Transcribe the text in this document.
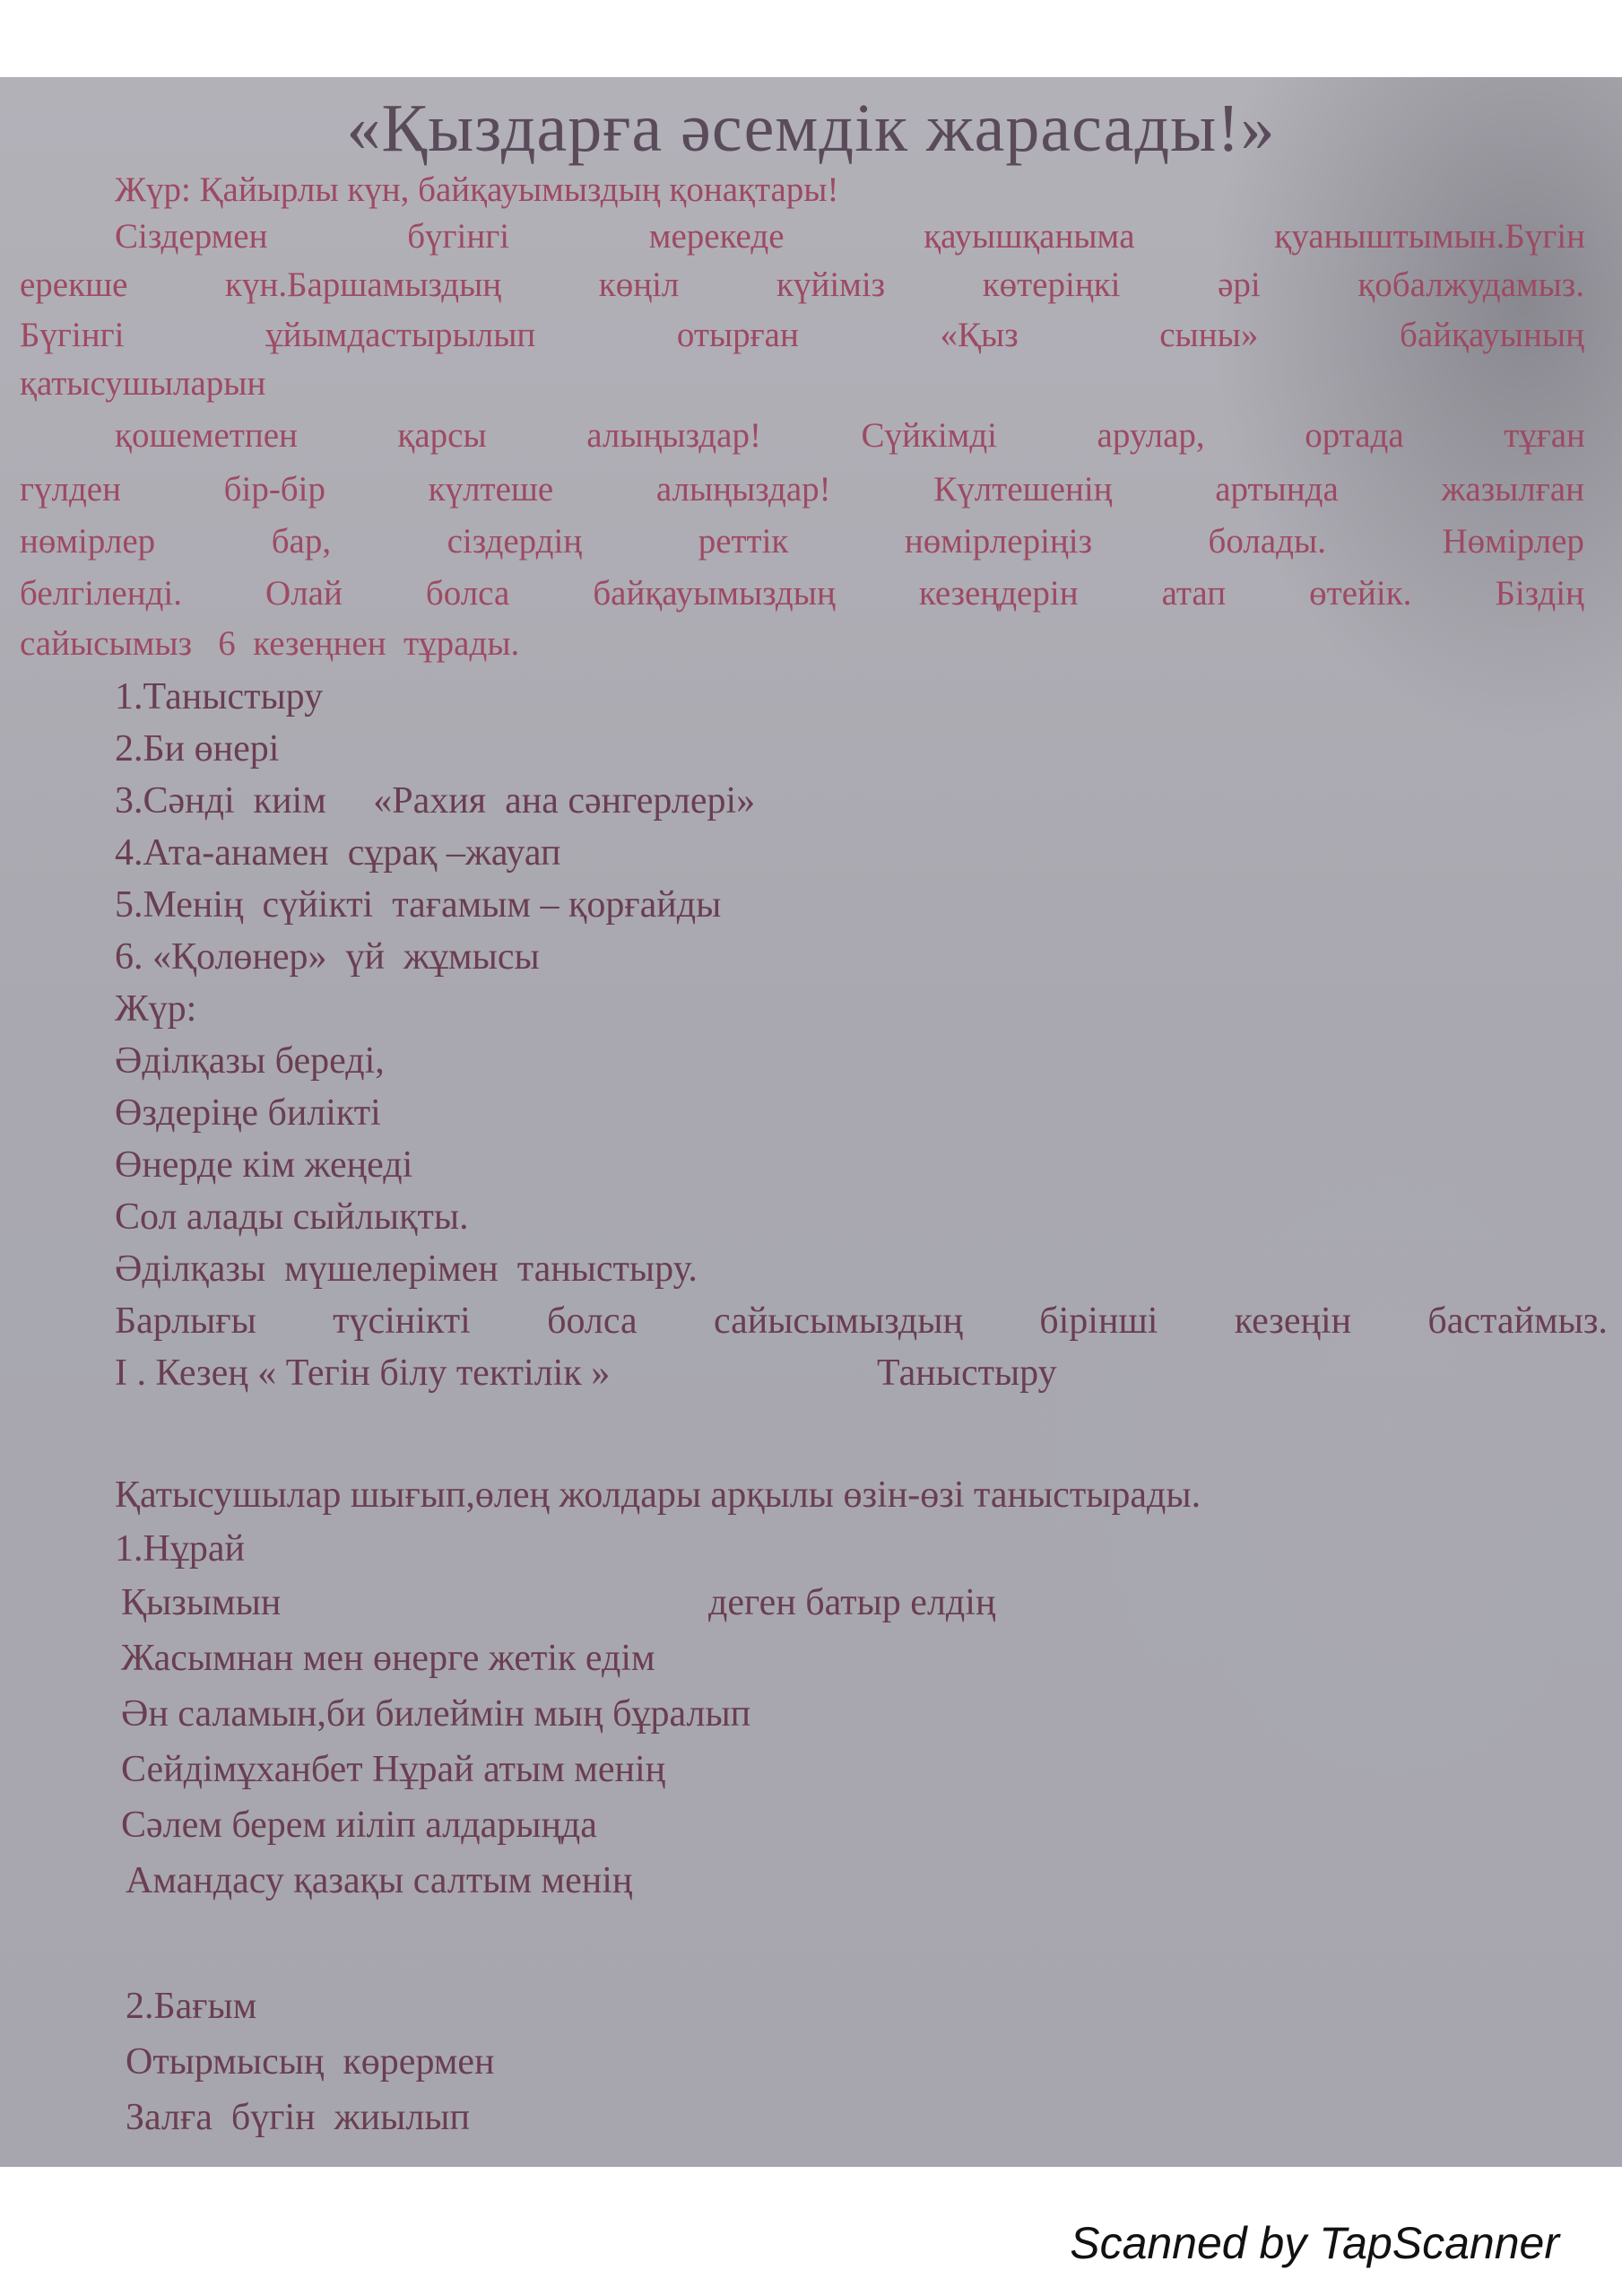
«Қыздарға әсемдік жарасады!»
Жүр: Қайырлы күн, байқауымыздың қонақтары!
Сіздермен	бүгінгі	мерекеде	қауышқанымa	қуаныштымын.Бүгін
ерекше	күн.Баршамыздың	көңіл	күйіміз	көтеріңкі	әрі	қобалжудамыз.
Бүгінгі	ұйымдастырылып	отырған	«Қыз	сыны»	байқауының
қатысушыларын
қошеметпен	қарсы	алыңыздар!	Сүйкімді	арулар,	ортада	тұған
гүлден	бір-бір	күлтеше	алыңыздар!	Күлтешенің	артында	жазылған
нөмірлер	бар,	сіздердің	реттік	нөмірлеріңіз	болады.	Нөмірлер
белгіленді. Олай болса байқауымыздың кезеңдерін атап өтейік. Біздің
сайысымыз   6  кезеңнен  тұрады.
1.Таныстыру
2.Би өнері
3.Сәнді  киім     «Рахия  ана сәнгерлері»
4.Ата-анамен  сұрақ –жауап
5.Менің  сүйікті  тағамым – қорғайды
6. «Қолөнер»  үй  жұмысы
Жүр:
Әділқазы береді,
Өздеріңе билікті
Өнерде кім жеңеді
Сол алады сыйлықты.
Әділқазы  мүшелерімен  таныстыру.
Барлығы түсінікті болса сайысымыздың бірінші кезеңін бастаймыз.
І . Кезең « Тегін білу тектілік »	Таныстыру
Қатысушылар шығып,өлең жолдары арқылы өзін-өзі таныстырады.
1.Нұрай
Қызымын	деген батыр елдің
Жасымнан мен өнерге жетік едім
Ән саламын,би билеймін мың бұралып
Сейдімұханбет Нұрай атым менің
Сәлем берем иіліп алдарыңда
Амандасу қазақы салтым менің
2.Бағым
Отырмысың  көрермен
Залға  бүгін  жиылып
Scanned by TapScanner
